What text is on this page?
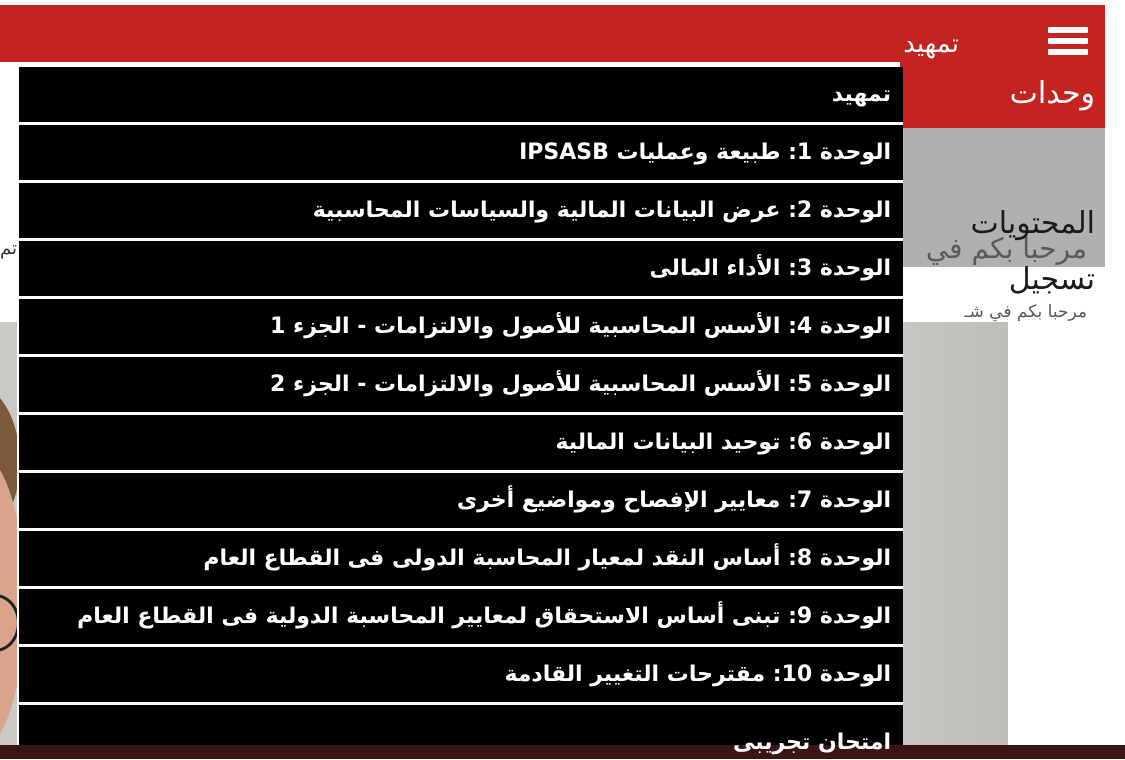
تمهيد
مرحبا بكم في
مرحبا بكم في شـ
وحدات
المحتويات
تسجيل
تم
تمهيد
الوحدة 1: طبيعة وعمليات IPSASB
الوحدة 2: عرض البيانات المالية والسياسات المحاسبية
الوحدة 3: الأداء المالى
الوحدة 4: الأسس المحاسبية للأصول والالتزامات - الجزء 1
الوحدة 5: الأسس المحاسبية للأصول والالتزامات - الجزء 2
الوحدة 6: توحيد البيانات المالية
الوحدة 7: معايير الإفصاح ومواضيع أخرى
الوحدة 8: أساس النقد لمعيار المحاسبة الدولى فى القطاع العام
الوحدة 9: تبنى أساس الاستحقاق لمعايير المحاسبة الدولية فى القطاع العام
الوحدة 10: مقترحات التغيير القادمة
امتحان تجريبى
